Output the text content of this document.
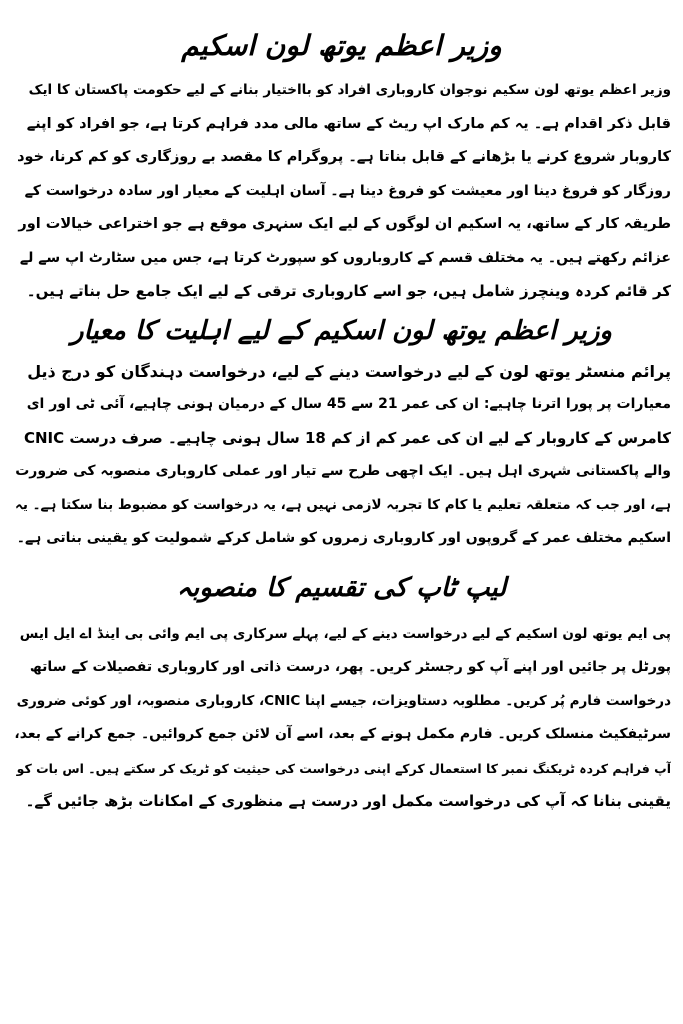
وزیر اعظم یوتھ لون اسکیم
وزیر اعظم یوتھ لون سکیم نوجوان کاروباری افراد کو بااختیار بنانے کے لیے حکومت پاکستان کا ایک
قابل ذکر اقدام ہے۔ یہ کم مارک اپ ریٹ کے ساتھ مالی مدد فراہم کرتا ہے، جو افراد کو اپنے
کاروبار شروع کرنے یا بڑھانے کے قابل بناتا ہے۔ پروگرام کا مقصد بے روزگاری کو کم کرنا، خود
روزگار کو فروغ دینا اور معیشت کو فروغ دینا ہے۔ آسان اہلیت کے معیار اور سادہ درخواست کے
طریقہ کار کے ساتھ، یہ اسکیم ان لوگوں کے لیے ایک سنہری موقع ہے جو اختراعی خیالات اور
عزائم رکھتے ہیں۔ یہ مختلف قسم کے کاروباروں کو سپورٹ کرتا ہے، جس میں سٹارٹ اپ سے لے
کر قائم کردہ وینچرز شامل ہیں، جو اسے کاروباری ترقی کے لیے ایک جامع حل بناتے ہیں۔
وزیر اعظم یوتھ لون اسکیم کے لیے اہلیت کا معیار
پرائم منسٹر یوتھ لون کے لیے درخواست دینے کے لیے، درخواست دہندگان کو درج ذیل
معیارات پر پورا اترنا چاہیے: ان کی عمر 21 سے 45 سال کے درمیان ہونی چاہیے، آئی ٹی اور ای
کامرس کے کاروبار کے لیے ان کی عمر کم از کم 18 سال ہونی چاہیے۔ صرف درست CNIC
والے پاکستانی شہری اہل ہیں۔ ایک اچھی طرح سے تیار اور عملی کاروباری منصوبہ کی ضرورت
ہے، اور جب کہ متعلقہ تعلیم یا کام کا تجربہ لازمی نہیں ہے، یہ درخواست کو مضبوط بنا سکتا ہے۔ یہ
اسکیم مختلف عمر کے گروپوں اور کاروباری زمروں کو شامل کرکے شمولیت کو یقینی بناتی ہے۔
لیپ ٹاپ کی تقسیم کا منصوبہ
پی ایم یوتھ لون اسکیم کے لیے درخواست دینے کے لیے، پہلے سرکاری پی ایم وائی بی اینڈ اے ایل ایس
پورٹل پر جائیں اور اپنے آپ کو رجسٹر کریں۔ پھر، درست ذاتی اور کاروباری تفصیلات کے ساتھ
درخواست فارم پُر کریں۔ مطلوبہ دستاویزات، جیسے اپنا CNIC، کاروباری منصوبہ، اور کوئی ضروری
سرٹیفکیٹ منسلک کریں۔ فارم مکمل ہونے کے بعد، اسے آن لائن جمع کروائیں۔ جمع کرانے کے بعد،
آپ فراہم کردہ ٹریکنگ نمبر کا استعمال کرکے اپنی درخواست کی حیثیت کو ٹریک کر سکتے ہیں۔ اس بات کو
یقینی بنانا کہ آپ کی درخواست مکمل اور درست ہے منظوری کے امکانات بڑھ جائیں گے۔
